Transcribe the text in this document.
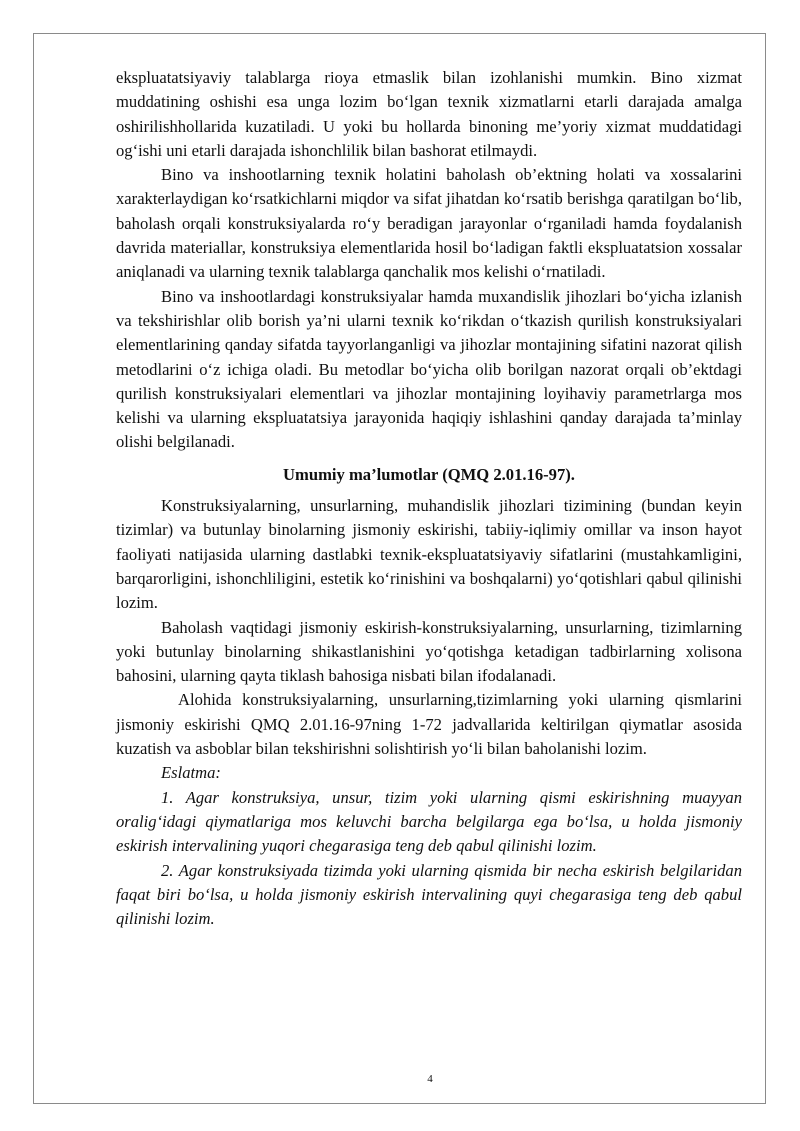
ekspluatatsiyaviy talablarga rioya etmaslik bilan izohlanishi mumkin. Bino xizmat muddatining oshishi esa unga lozim bo‘lgan texnik xizmatlarni etarli darajada amalga oshirilishhollarida kuzatiladi. U yoki bu hollarda binoning me’yoriy xizmat muddatidagi og‘ishi uni etarli darajada ishonchlilik bilan bashorat etilmaydi.

Bino va inshootlarning texnik holatini baholash ob’ektning holati va xossalarini xarakterlaydigan ko‘rsatkichlarni miqdor va sifat jihatdan ko‘rsatib berishga qaratilgan bo‘lib, baholash orqali konstruksiyalarda ro‘y beradigan jarayonlar o‘rganiladi hamda foydalanish davrida materiallar, konstruksiya elementlarida hosil bo‘ladigan faktli ekspluatatsion xossalar aniqlanadi va ularning texnik talablarga qanchalik mos kelishi o‘rnatiladi.

Bino va inshootlardagi konstruksiyalar hamda muxandislik jihozlari bo‘yicha izlanish va tekshirishlar olib borish ya’ni ularni texnik ko‘rikdan o‘tkazish qurilish konstruksiyalari elementlarining qanday sifatda tayyorlanganligi va jihozlar montajining sifatini nazorat qilish metodlarini o‘z ichiga oladi. Bu metodlar bo‘yicha olib borilgan nazorat orqali ob’ektdagi qurilish konstruksiyalari elementlari va jihozlar montajining loyihaviy parametrlarga mos kelishi va ularning ekspluatatsiya jarayonida haqiqiy ishlashini qanday darajada ta’minlay olishi belgilanadi.

Umumiy ma’lumotlar (QMQ 2.01.16-97).

Konstruksiyalarning, unsurlarning, muhandislik jihozlari tizimining (bundan keyin tizimlar) va butunlay binolarning jismoniy eskirishi, tabiiy-iqlimiy omillar va inson hayot faoliyati natijasida ularning dastlabki texnik-ekspluatatsiyaviy sifatlarini (mustahkamligini, barqarorligini, ishonchliligini, estetik ko‘rinishini va boshqalarni) yo‘qotishlari qabul qilinishi lozim.

Baholash vaqtidagi jismoniy eskirish-konstruksiyalarning, unsurlarning, tizimlarning yoki butunlay binolarning shikastlanishini yo‘qotishga ketadigan tadbirlarning xolisona bahosini, ularning qayta tiklash bahosiga nisbati bilan ifodalanadi.

Alohida konstruksiyalarning, unsurlarning,tizimlarning yoki ularning qismlarini jismoniy eskirishi QMQ 2.01.16-97ning 1-72 jadvallarida keltirilgan qiymatlar asosida kuzatish va asboblar bilan tekshirishni solishtirish yo‘li bilan baholanishi lozim.

Eslatma:

1. Agar konstruksiya, unsur, tizim yoki ularning qismi eskirishning muayyan oralig‘idagi qiymatlariga mos keluvchi barcha belgilarga ega bo‘lsa, u holda jismoniy eskirish intervalining yuqori chegarasiga teng deb qabul qilinishi lozim.

2. Agar konstruksiyada tizimda yoki ularning qismida bir necha eskirish belgilaridan faqat biri bo‘lsa, u holda jismoniy eskirish intervalining quyi chegarasiga teng deb qabul qilinishi lozim.

4
